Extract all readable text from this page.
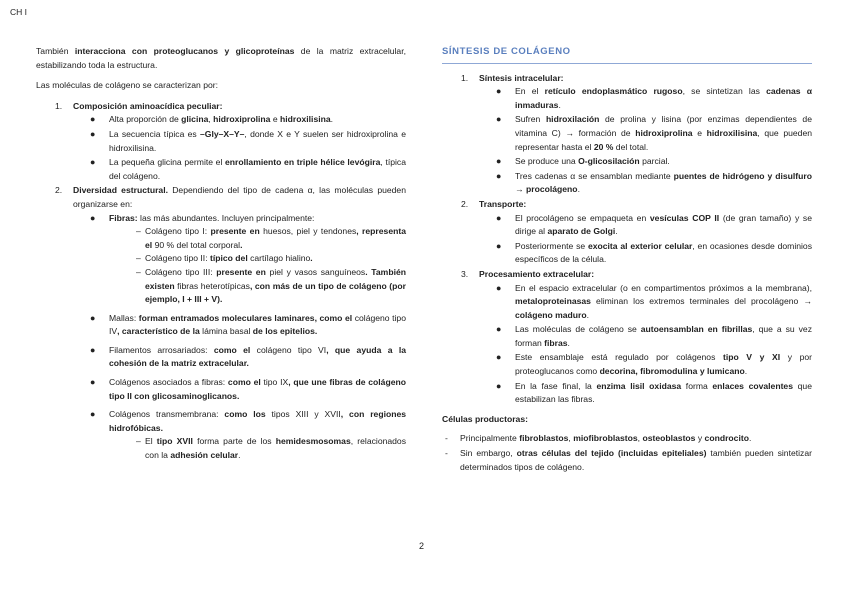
CH I

También interacciona con proteoglucanos y glicoproteínas de la matriz extracelular, estabilizando toda la estructura.

Las moléculas de colágeno se caracterizan por:

1. Composición aminoacídica peculiar:
● Alta proporción de glicina, hidroxiprolina e hidroxilisina.
● La secuencia típica es –Gly–X–Y–, donde X e Y suelen ser hidroxiprolina e hidroxilisina.
● La pequeña glicina permite el enrollamiento en triple hélice levógira, típica del colágeno.
2. Diversidad estructural. Dependiendo del tipo de cadena α, las moléculas pueden organizarse en:
● Fibras: las más abundantes. Incluyen principalmente:
– Colágeno tipo I: presente en huesos, piel y tendones, representa el 90 % del total corporal.
– Colágeno tipo II: típico del cartílago hialino.
– Colágeno tipo III: presente en piel y vasos sanguíneos. También existen fibras heterotípicas, con más de un tipo de colágeno (por ejemplo, I + III + V).
● Mallas: forman entramados moleculares laminares, como el colágeno tipo IV, característico de la lámina basal de los epitelios.
● Filamentos arrosariados: como el colágeno tipo VI, que ayuda a la cohesión de la matriz extracelular.
● Colágenos asociados a fibras: como el tipo IX, que une fibras de colágeno tipo II con glicosaminoglicanos.
● Colágenos transmembrana: como los tipos XIII y XVII, con regiones hidrofóbicas.
– El tipo XVII forma parte de los hemidesmosomas, relacionados con la adhesión celular.
SÍNTESIS DE COLÁGENO
1. Síntesis intracelular:
● En el retículo endoplasmático rugoso, se sintetizan las cadenas α inmaduras.
● Sufren hidroxilación de prolina y lisina (por enzimas dependientes de vitamina C) → formación de hidroxiprolina e hidroxilisina, que pueden representar hasta el 20 % del total.
● Se produce una O-glicosilación parcial.
● Tres cadenas α se ensamblan mediante puentes de hidrógeno y disulfuro → procolágeno.
2. Transporte:
● El procolágeno se empaqueta en vesículas COP II (de gran tamaño) y se dirige al aparato de Golgi.
● Posteriormente se exocita al exterior celular, en ocasiones desde dominios específicos de la célula.
3. Procesamiento extracelular:
● En el espacio extracelular (o en compartimentos próximos a la membrana), metaloproteinasas eliminan los extremos terminales del procolágeno → colágeno maduro.
● Las moléculas de colágeno se autoensamblan en fibrillas, que a su vez forman fibras.
● Este ensamblaje está regulado por colágenos tipo V y XI y por proteoglucanos como decorina, fibromodulina y lumicano.
● En la fase final, la enzima lisil oxidasa forma enlaces covalentes que estabilizan las fibras.
Células productoras:
- Principalmente fibroblastos, miofibroblastos, osteoblastos y condrocito.
- Sin embargo, otras células del tejido (incluidas epiteliales) también pueden sintetizar determinados tipos de colágeno.
2
